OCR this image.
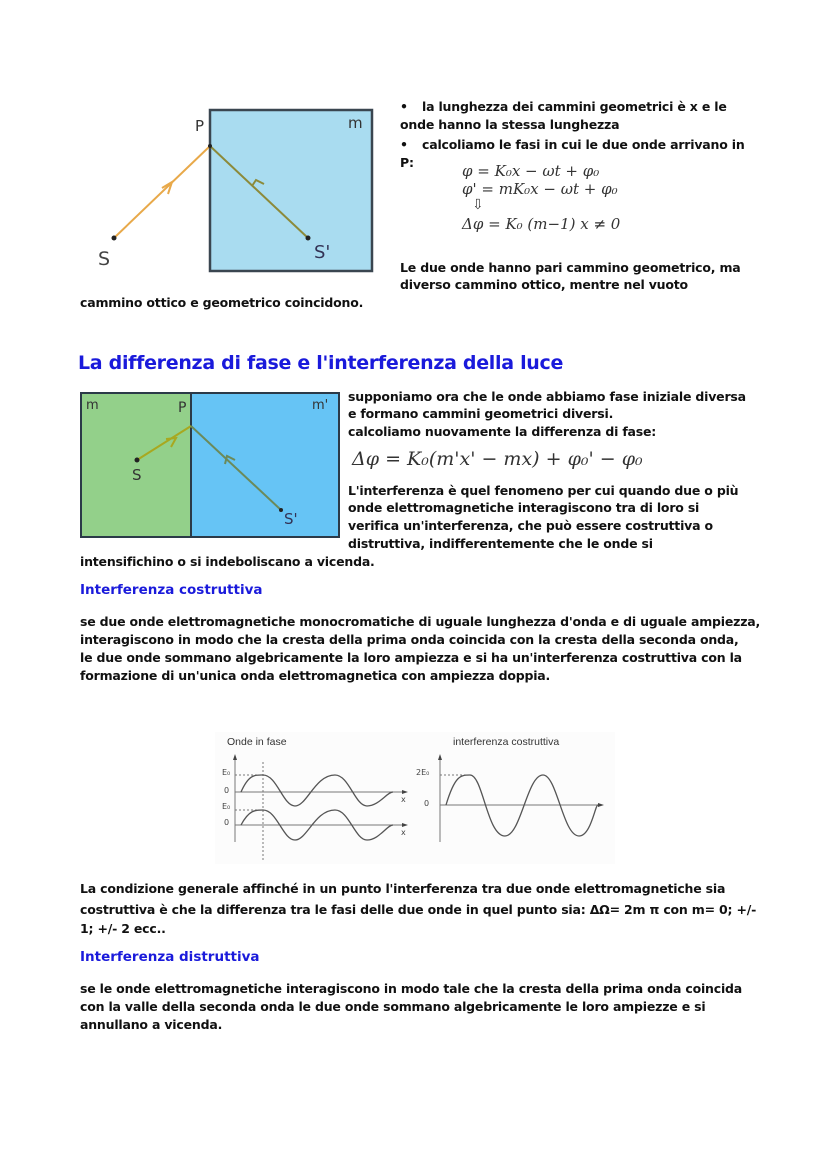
P	m
S	S'
• la lunghezza dei cammini geometrici è x e le onde hanno la stessa lunghezza
• calcoliamo le fasi in cui le due onde arrivano in P:	φ = K₀x − ωt + φ₀
φ' = mK₀x − ωt + φ₀
⇩
Δφ = K₀ (m−1) x ≠ 0
Le due onde hanno pari cammino geometrico, ma
diverso cammino ottico, mentre nel vuoto
cammino ottico e geometrico coincidono.
La differenza di fase e l'interferenza della luce
m	P	m'
S
S'
supponiamo ora che le onde abbiamo fase iniziale diversa
e formano cammini geometrici diversi.
calcoliamo nuovamente la differenza di fase:
Δφ = K₀(m'x' − mx) + φ₀' − φ₀
L'interferenza è quel fenomeno per cui quando due o più
onde elettromagnetiche interagiscono tra di loro si
verifica un'interferenza, che può essere costruttiva o
distruttiva, indifferentemente che le onde si
intensifichino o si indeboliscano a vicenda.
Interferenza costruttiva
se due onde elettromagnetiche monocromatiche di uguale lunghezza d'onda e di uguale ampiezza,
interagiscono in modo che la cresta della prima onda coincida con la cresta della seconda onda,
le due onde sommano algebricamente la loro ampiezza e si ha un'interferenza costruttiva con la
formazione di un'unica onda elettromagnetica con ampiezza doppia.
Onde in fase	interferenza costruttiva
E₀
0
E₀
0
x
x
2E₀
0
La condizione generale affinché in un punto l'interferenza tra due onde elettromagnetiche sia
costruttiva è che la differenza tra le fasi delle due onde in quel punto sia: ΔΩ= 2m π con m= 0; +/-
1; +/- 2 ecc..
Interferenza distruttiva
se le onde elettromagnetiche interagiscono in modo tale che la cresta della prima onda coincida
con la valle della seconda onda le due onde sommano algebricamente le loro ampiezze e si
annullano a vicenda.
